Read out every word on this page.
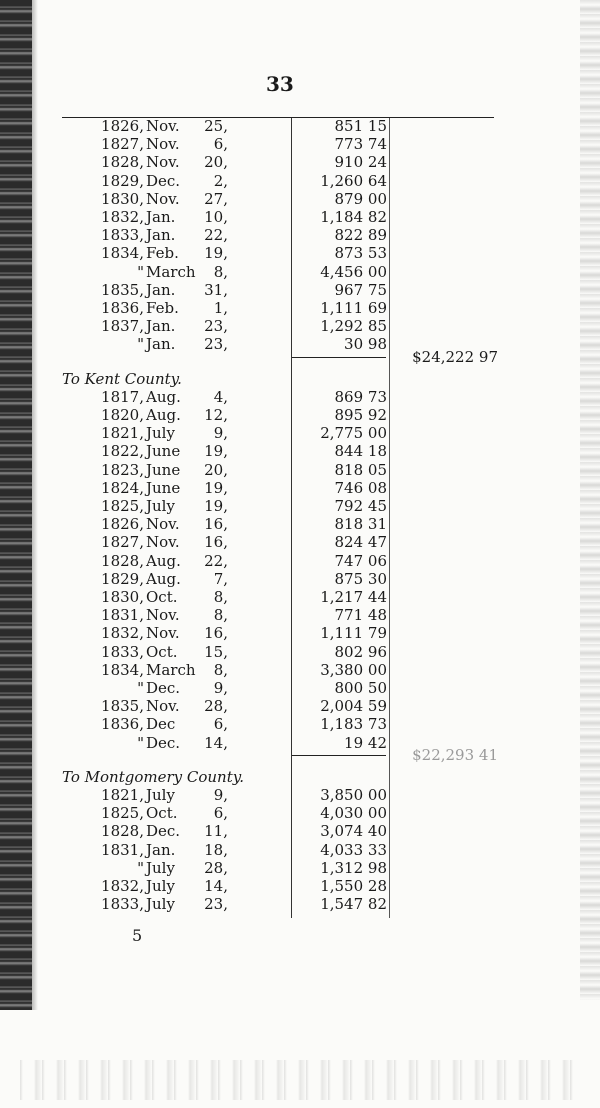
33
1826, Nov.	25,	851 15
1827, Nov.	6,	773 74
1828, Nov.	20,	910 24
1829, Dec.	2,	1,260 64
1830, Nov.	27,	879 00
1832, Jan.	10,	1,184 82
1833, Jan.	22,	822 89
1834, Feb.	19,	873 53
" March	8,	4,456 00
1835, Jan.	31,	967 75
1836, Feb.	1,	1,111 69
1837, Jan.	23,	1,292 85
" Jan.	23,	30 98
$24,222 97
To Kent County.
1817, Aug.	4,	869 73
1820, Aug.	12,	895 92
1821, July	9,	2,775 00
1822, June	19,	844 18
1823, June	20,	818 05
1824, June	19,	746 08
1825, July	19,	792 45
1826, Nov.	16,	818 31
1827, Nov.	16,	824 47
1828, Aug.	22,	747 06
1829, Aug.	7,	875 30
1830, Oct.	8,	1,217 44
1831, Nov.	8,	771 48
1832, Nov.	16,	1,111 79
1833, Oct.	15,	802 96
1834, March	8,	3,380 00
" Dec.	9,	800 50
1835, Nov.	28,	2,004 59
1836, Dec	6,	1,183 73
" Dec.	14,	19 42
$22,293 41
To Montgomery County.
1821, July	9,	3,850 00
1825, Oct.	6,	4,030 00
1828, Dec.	11,	3,074 40
1831, Jan.	18,	4,033 33
" July	28,	1,312 98
1832, July	14,	1,550 28
1833, July	23,	1,547 82
5
